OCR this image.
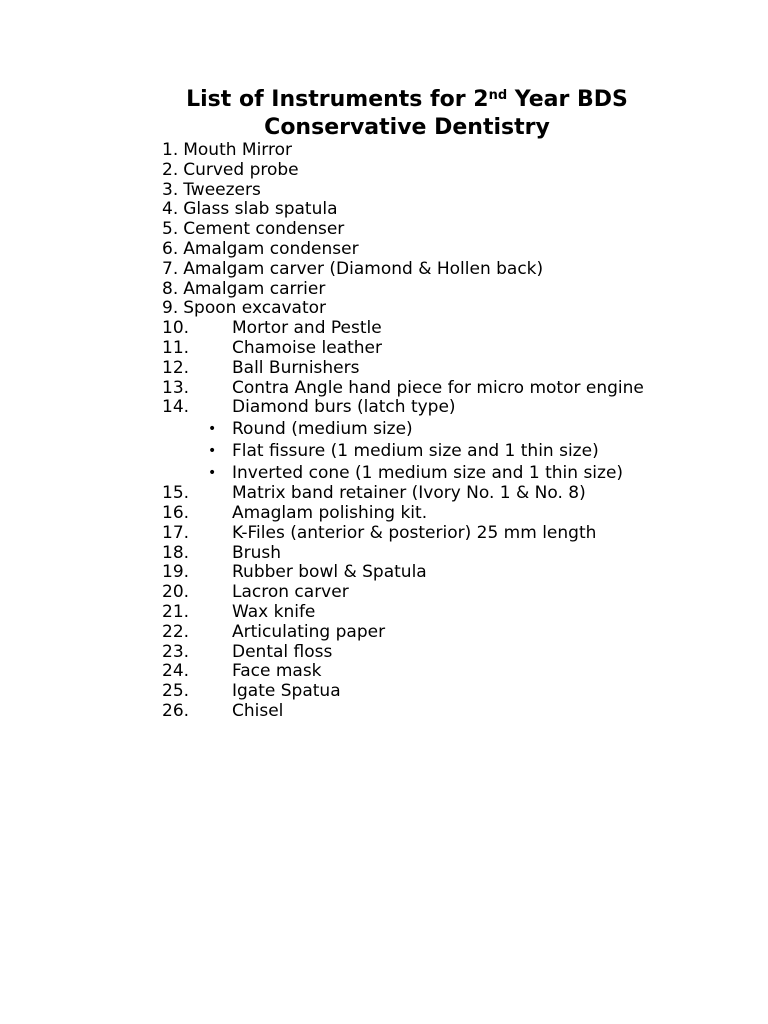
List of Instruments for 2nd Year BDS
Conservative Dentistry
1. Mouth Mirror
2. Curved probe
3. Tweezers
4. Glass slab spatula
5. Cement condenser
6. Amalgam condenser
7. Amalgam carver (Diamond & Hollen back)
8. Amalgam carrier
9. Spoon excavator
10.	Mortor and Pestle
11.	Chamoise leather
12.	Ball Burnishers
13.	Contra Angle hand piece for micro motor engine
14.	Diamond burs (latch type)
• Round (medium size)
• Flat fissure (1 medium size and 1 thin size)
• Inverted cone (1 medium size and 1 thin size)
15.	Matrix band retainer (Ivory No. 1 & No. 8)
16.	Amaglam polishing kit.
17.	K-Files (anterior & posterior) 25 mm length
18.	Brush
19.	Rubber bowl & Spatula
20.	Lacron carver
21.	Wax knife
22.	Articulating paper
23.	Dental floss
24.	Face mask
25.	Igate Spatua
26.	Chisel
